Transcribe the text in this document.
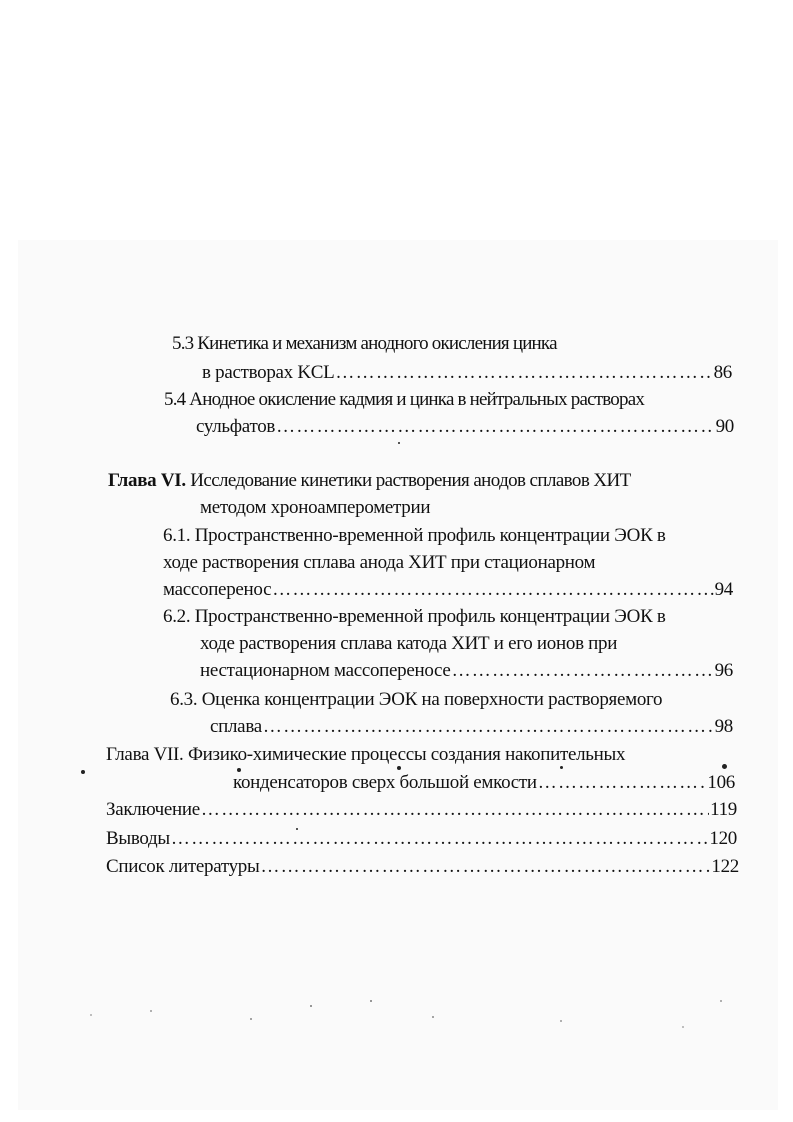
5.3 Кинетика и механизм анодного окисления цинка
в растворах KCL ………………………………………………………………………………………………………………………………………………………………	86
5.4 Анодное окисление кадмия и цинка в нейтральных растворах
сульфатов ………………………………………………………………………………………………………………………………………………………………	90
Глава VI. Исследование кинетики растворения анодов сплавов ХИТ
методом хроноамперометрии
6.1. Пространственно-временной профиль концентрации ЭОК в
ходе растворения сплава анода ХИТ при стационарном
массоперенос ………………………………………………………………………………………………………………………………………………………………	94
6.2. Пространственно-временной профиль концентрации ЭОК в
ходе растворения сплава катода ХИТ и его ионов при
нестационарном массопереносе ………………………………………………………………………………………………………………………………………………………………	96
6.3. Оценка концентрации ЭОК на поверхности растворяемого
сплава ………………………………………………………………………………………………………………………………………………………………	98
Глава VII. Физико-химические процессы создания накопительных
конденсаторов сверх большой емкости ………………………………………………………………………………………………………………………………………………………………	106
Заключение ………………………………………………………………………………………………………………………………………………………………	119
Выводы ………………………………………………………………………………………………………………………………………………………………	120
Список литературы ………………………………………………………………………………………………………………………………………………………………	122
